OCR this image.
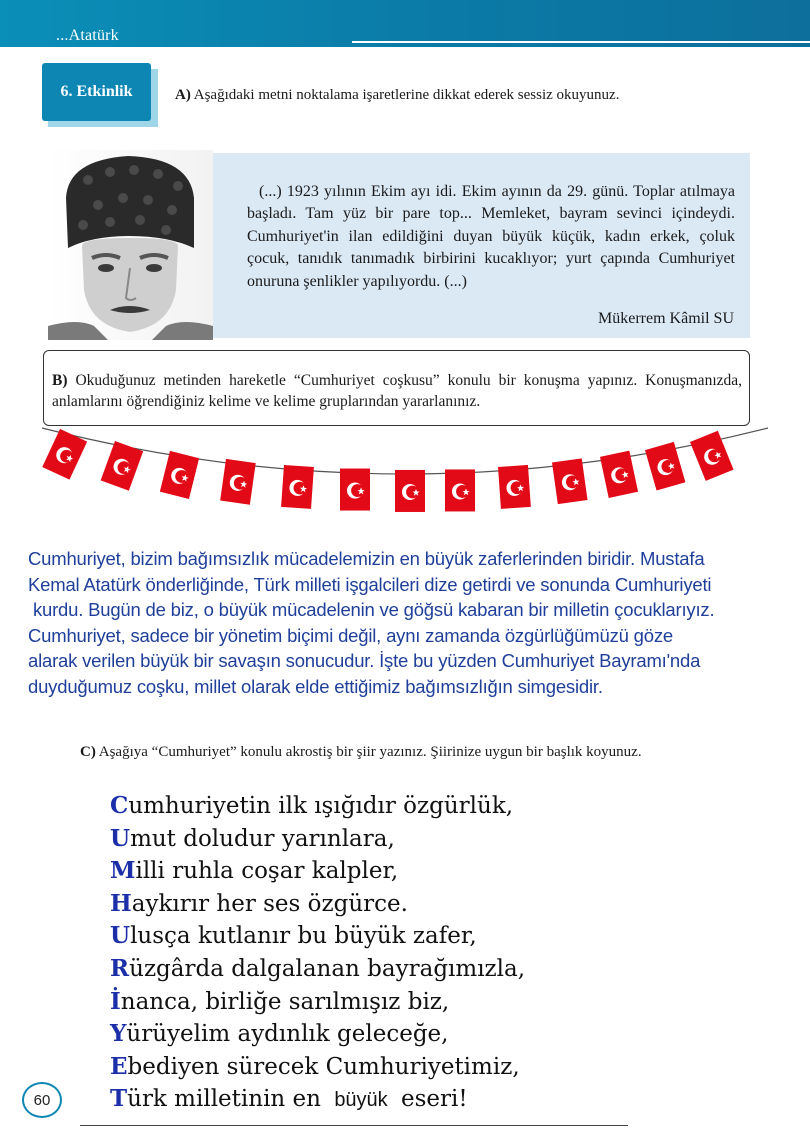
...Atatürk
6. Etkinlik	A) Aşağıdaki metni noktalama işaretlerine dikkat ederek sessiz okuyunuz.
(...) 1923 yılının Ekim ayı idi. Ekim ayının da 29. günü. Toplar atılmaya başladı. Tam yüz bir pare top... Memleket, bayram sevinci içindeydi. Cumhuriyet'in ilan edildiğini duyan büyük küçük, kadın erkek, çoluk çocuk, tanıdık tanımadık birbirini kucaklıyor; yurt çapında Cumhuriyet onuruna şenlikler yapılıyordu. (...)
Mükerrem Kâmil SU
B) Okuduğunuz metinden hareketle “Cumhuriyet coşkusu” konulu bir konuşma yapınız. Konuşmanızda, anlamlarını öğrendiğiniz kelime ve kelime gruplarından yararlanınız.
Cumhuriyet, bizim bağımsızlık mücadelemizin en büyük zaferlerinden biridir. Mustafa
Kemal Atatürk önderliğinde, Türk milleti işgalcileri dize getirdi ve sonunda Cumhuriyeti
kurdu. Bugün de biz, o büyük mücadelenin ve göğsü kabaran bir milletin çocuklarıyız.
Cumhuriyet, sadece bir yönetim biçimi değil, aynı zamanda özgürlüğümüzü göze
alarak verilen büyük bir savaşın sonucudur. İşte bu yüzden Cumhuriyet Bayramı'nda
duyduğumuz coşku, millet olarak elde ettiğimiz bağımsızlığın simgesidir.
C) Aşağıya “Cumhuriyet” konulu akrostiş bir şiir yazınız. Şiirinize uygun bir başlık koyunuz.
Cumhuriyetin ilk ışığıdır özgürlük,
Umut doludur yarınlara,
Milli ruhla coşar kalpler,
Haykırır her ses özgürce.
Ulusça kutlanır bu büyük zafer,
Rüzgârda dalgalanan bayrağımızla,
İnanca, birliğe sarılmışız biz,
Yürüyelim aydınlık geleceğe,
Ebediyen sürecek Cumhuriyetimiz,
Türk milletinin en büyük eseri!
60
